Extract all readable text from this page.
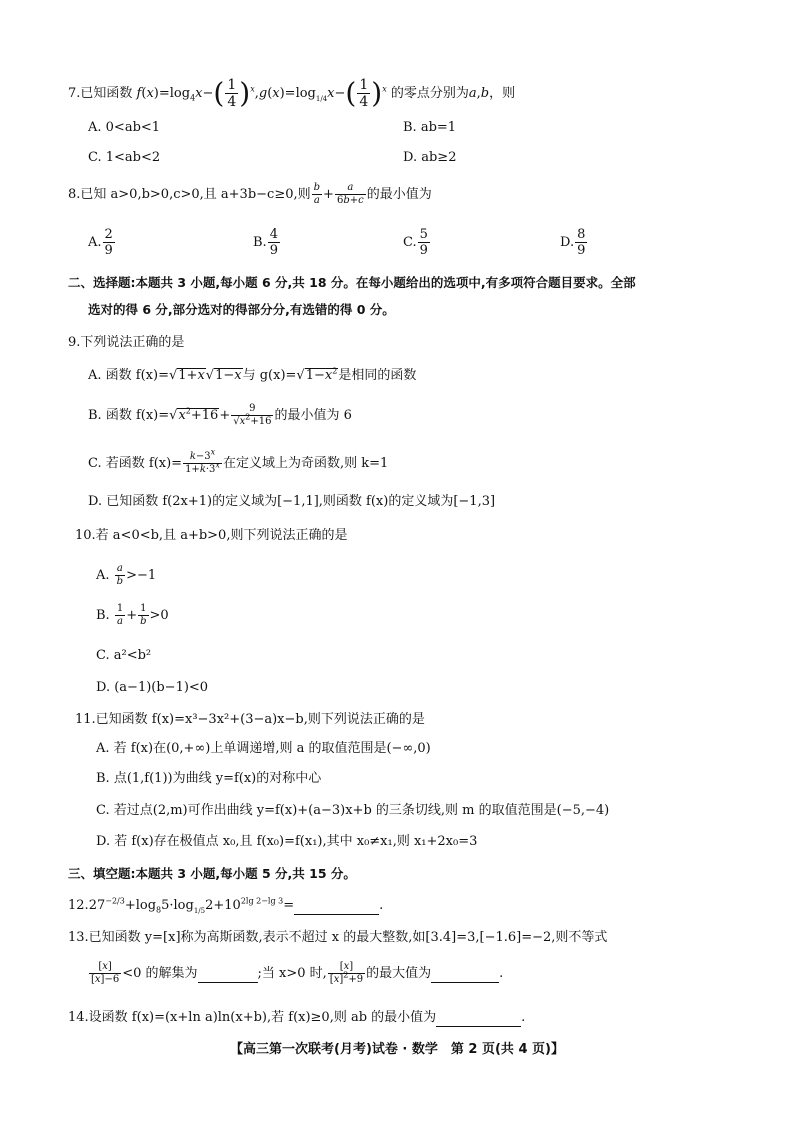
7.已知函数 $f(x)=\log_4x-( \frac{1}{4} )^x,g(x)=\log_{1/4}x-( \frac{1}{4} )^x$ 的零点分别为a,b，则
A. 0<ab<1	B. ab=1
C. 1<ab<2	D. ab≥2
8.已知 a>0,b>0,c>0,且 a+3b−c≥0,则 $\frac{b}{a} + \frac{a}{6b+c}$ 的最小值为
A. $\frac{2}{9}$	B. $\frac{4}{9}$	C. $\frac{5}{9}$	D. $\frac{8}{9}$
二、选择题:本题共 3 小题,每小题 6 分,共 18 分。在每小题给出的选项中,有多项符合题目要求。全部
选对的得 6 分,部分选对的得部分分,有选错的得 0 分。
9.下列说法正确的是
A. 函数 f(x)=√1+x√1−x与 $g(x)=√1-x^2$是相同的函数
B. 函数 $f(x)=√x^2+16+ \frac{9}{√x^2+16}$ 的最小值为 6
C. 若函数 $f(x)= \frac{k-3^x}{1+k\cdot 3^x}$ 在定义域上为奇函数,则 k=1
D. 已知函数 f(2x+1)的定义域为[−1,1],则函数 f(x)的定义域为[−1,3]
10.若 a<0<b,且 a+b>0,则下列说法正确的是
A. $\frac{a}{b} >-1$
B. $\frac{1}{a} + \frac{1}{b} >0$
C. a²<b²
D. (a−1)(b−1)<0
11.已知函数 f(x)=x³−3x²+(3−a)x−b,则下列说法正确的是
A. 若 f(x)在(0,+∞)上单调递增,则 a 的取值范围是(−∞,0)
B. 点(1,f(1))为曲线 y=f(x)的对称中心
C. 若过点(2,m)可作出曲线 y=f(x)+(a−3)x+b 的三条切线,则 m 的取值范围是(−5,−4)
D. 若 f(x)存在极值点 x₀,且 f(x₀)=f(x₁),其中 x₀≠x₁,则 x₁+2x₀=3
三、填空题:本题共 3 小题,每小题 5 分,共 15 分。
$12.27^{-2/3}+\log_85\cdot\log_{1/5}2+10^{2lg 2-lg 3}=$	.
13.已知函数 y=[x]称为高斯函数,表示不超过 x 的最大整数,如[3.4]=3,[−1.6]=−2,则不等式
$\frac{[x]}{[x]-6} <0$ 的解集为	;当 x>0 时, $\frac{[x]}{[x]^2+9}$ 的最大值为	.
14.设函数 f(x)=(x+ln a)ln(x+b),若 f(x)≥0,则 ab 的最小值为	.
【高三第一次联考(月考)试卷 · 数学　第 2 页(共 4 页)】
